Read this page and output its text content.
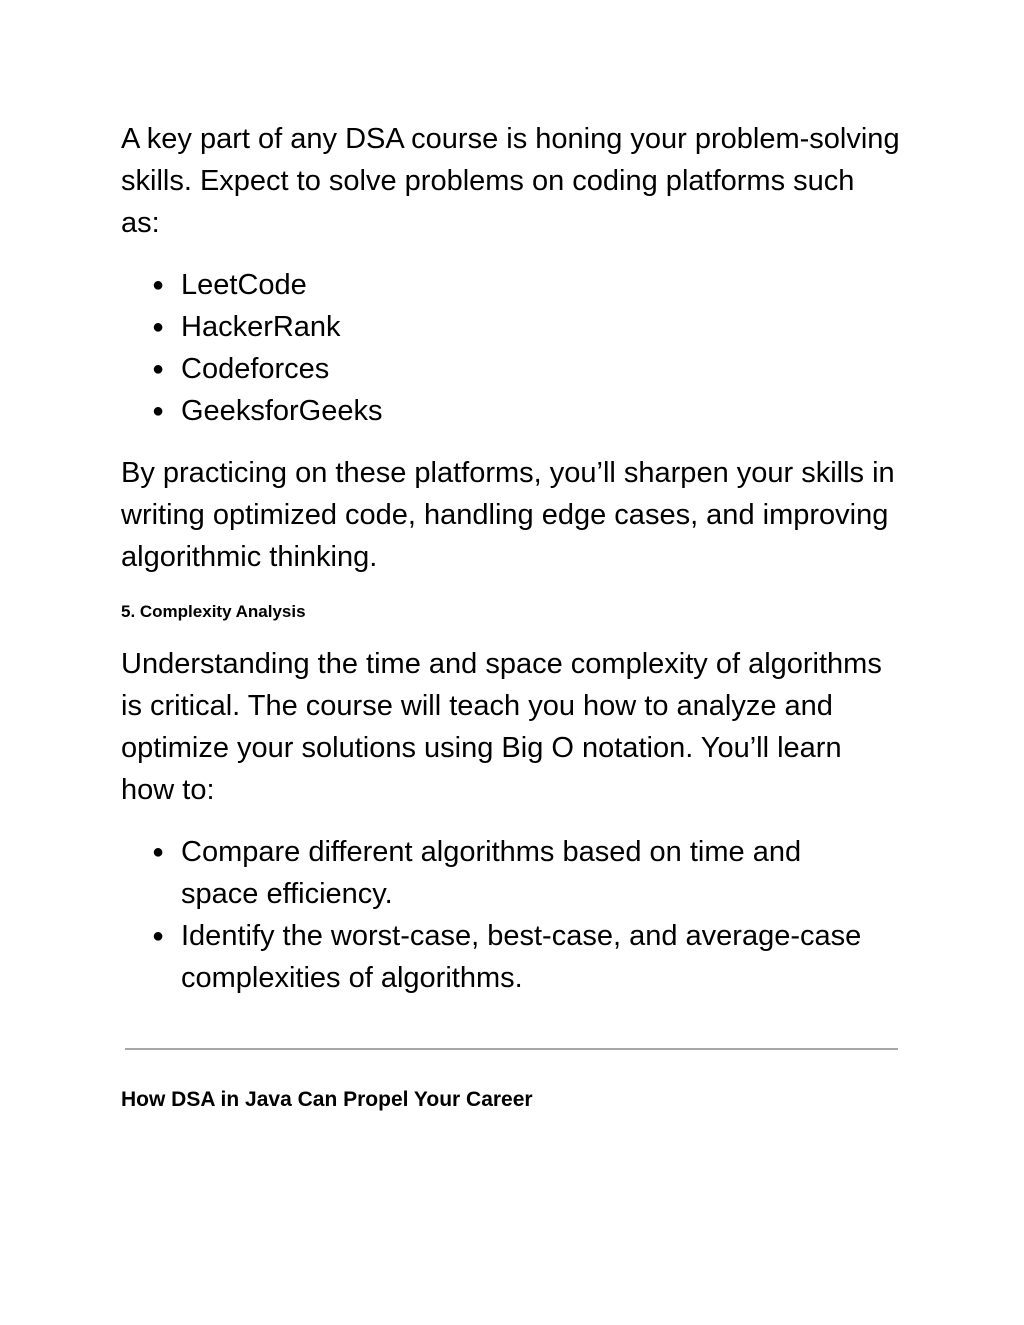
A key part of any DSA course is honing your problem-solving skills. Expect to solve problems on coding platforms such as:

● LeetCode
● HackerRank
● Codeforces
● GeeksforGeeks

By practicing on these platforms, you’ll sharpen your skills in writing optimized code, handling edge cases, and improving algorithmic thinking.

5. Complexity Analysis

Understanding the time and space complexity of algorithms is critical. The course will teach you how to analyze and optimize your solutions using Big O notation. You’ll learn how to:

● Compare different algorithms based on time and space efficiency.
● Identify the worst-case, best-case, and average-case complexities of algorithms.
How DSA in Java Can Propel Your Career
